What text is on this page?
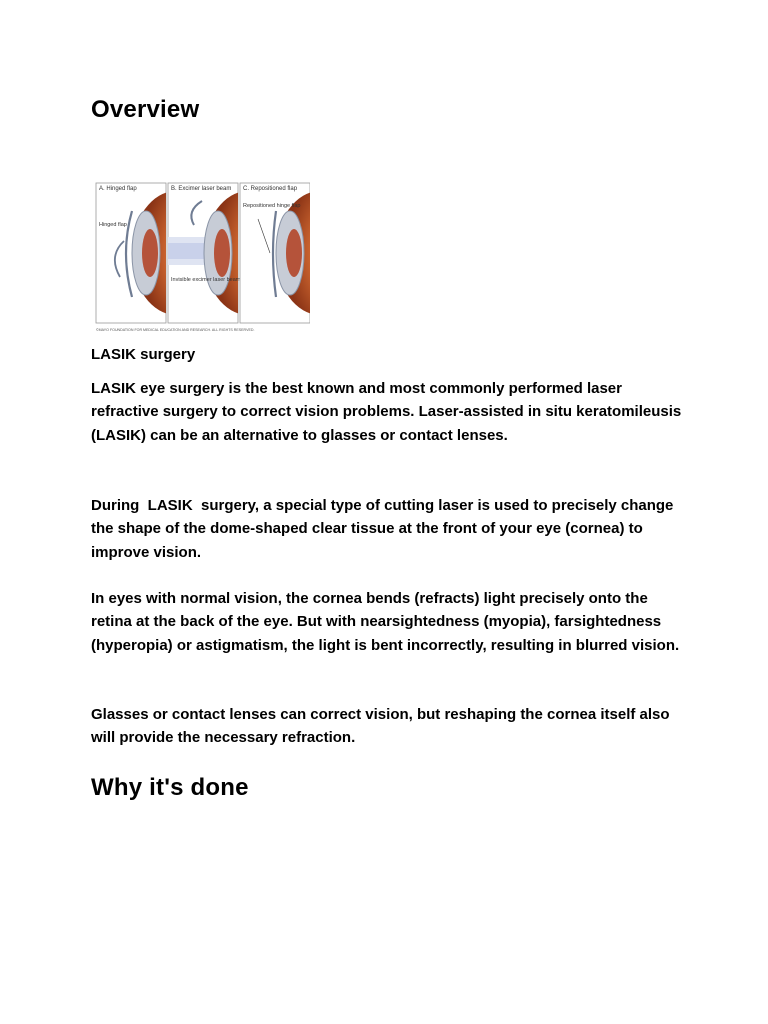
Overview
A. Hinged flap
Hinged flap
B. Excimer laser beam
Invisible excimer laser beam
C. Repositioned flap
Repositioned hinge flap
©MAYO FOUNDATION FOR MEDICAL EDUCATION AND RESEARCH. ALL RIGHTS RESERVED.
LASIK surgery

LASIK eye surgery is the best known and most commonly performed laser refractive surgery to correct vision problems. Laser-assisted in situ keratomileusis (LASIK) can be an alternative to glasses or contact lenses.

During  LASIK  surgery, a special type of cutting laser is used to precisely change the shape of the dome-shaped clear tissue at the front of your eye (cornea) to improve vision.

In eyes with normal vision, the cornea bends (refracts) light precisely onto the retina at the back of the eye. But with nearsightedness (myopia), farsightedness (hyperopia) or astigmatism, the light is bent incorrectly, resulting in blurred vision.

Glasses or contact lenses can correct vision, but reshaping the cornea itself also will provide the necessary refraction.

Why it's done
